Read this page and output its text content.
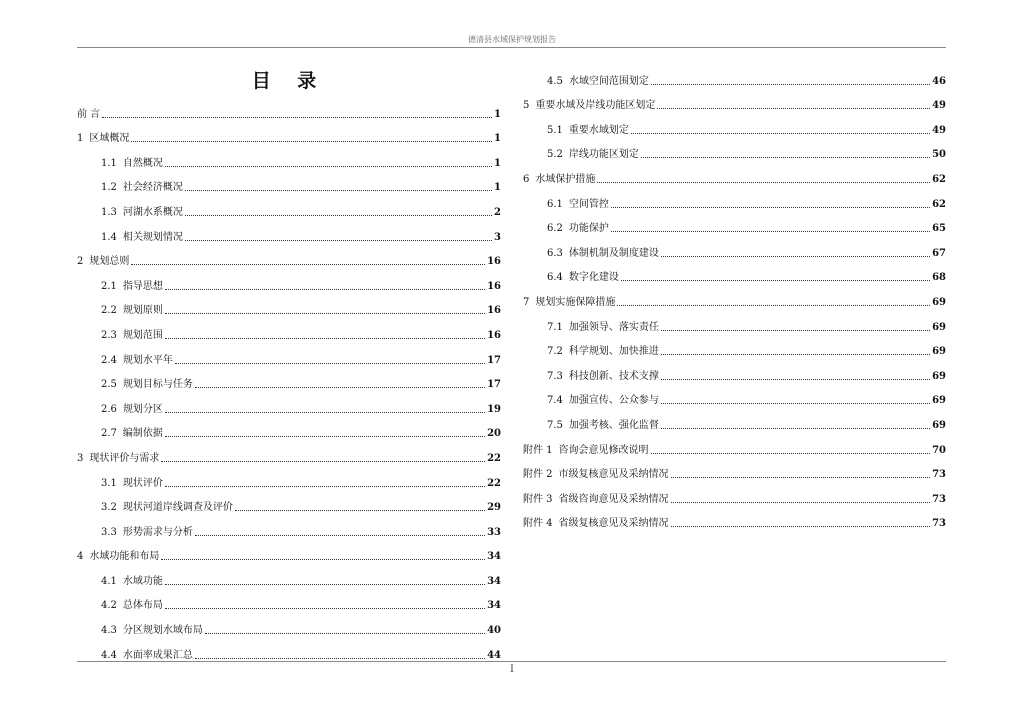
德清县水域保护规划报告
目 录
前 言	1
1 区域概况	1
1.1 自然概况	1
1.2 社会经济概况	1
1.3 河湖水系概况	2
1.4 相关规划情况	3
2 规划总则	16
2.1 指导思想	16
2.2 规划原则	16
2.3 规划范围	16
2.4 规划水平年	17
2.5 规划目标与任务	17
2.6 规划分区	19
2.7 编制依据	20
3 现状评价与需求	22
3.1 现状评价	22
3.2 现状河道岸线调查及评价	29
3.3 形势需求与分析	33
4 水域功能和布局	34
4.1 水域功能	34
4.2 总体布局	34
4.3 分区规划水域布局	40
4.4 水面率成果汇总	44
4.5 水域空间范围划定	46
5 重要水域及岸线功能区划定	49
5.1 重要水域划定	49
5.2 岸线功能区划定	50
6 水域保护措施	62
6.1 空间管控	62
6.2 功能保护	65
6.3 体制机制及制度建设	67
6.4 数字化建设	68
7 规划实施保障措施	69
7.1 加强领导、落实责任	69
7.2 科学规划、加快推进	69
7.3 科技创新、技术支撑	69
7.4 加强宣传、公众参与	69
7.5 加强考核、强化监督	69
附件 1 咨询会意见修改说明	70
附件 2 市级复核意见及采纳情况	73
附件 3 省级咨询意见及采纳情况	73
附件 4 省级复核意见及采纳情况	73
I
